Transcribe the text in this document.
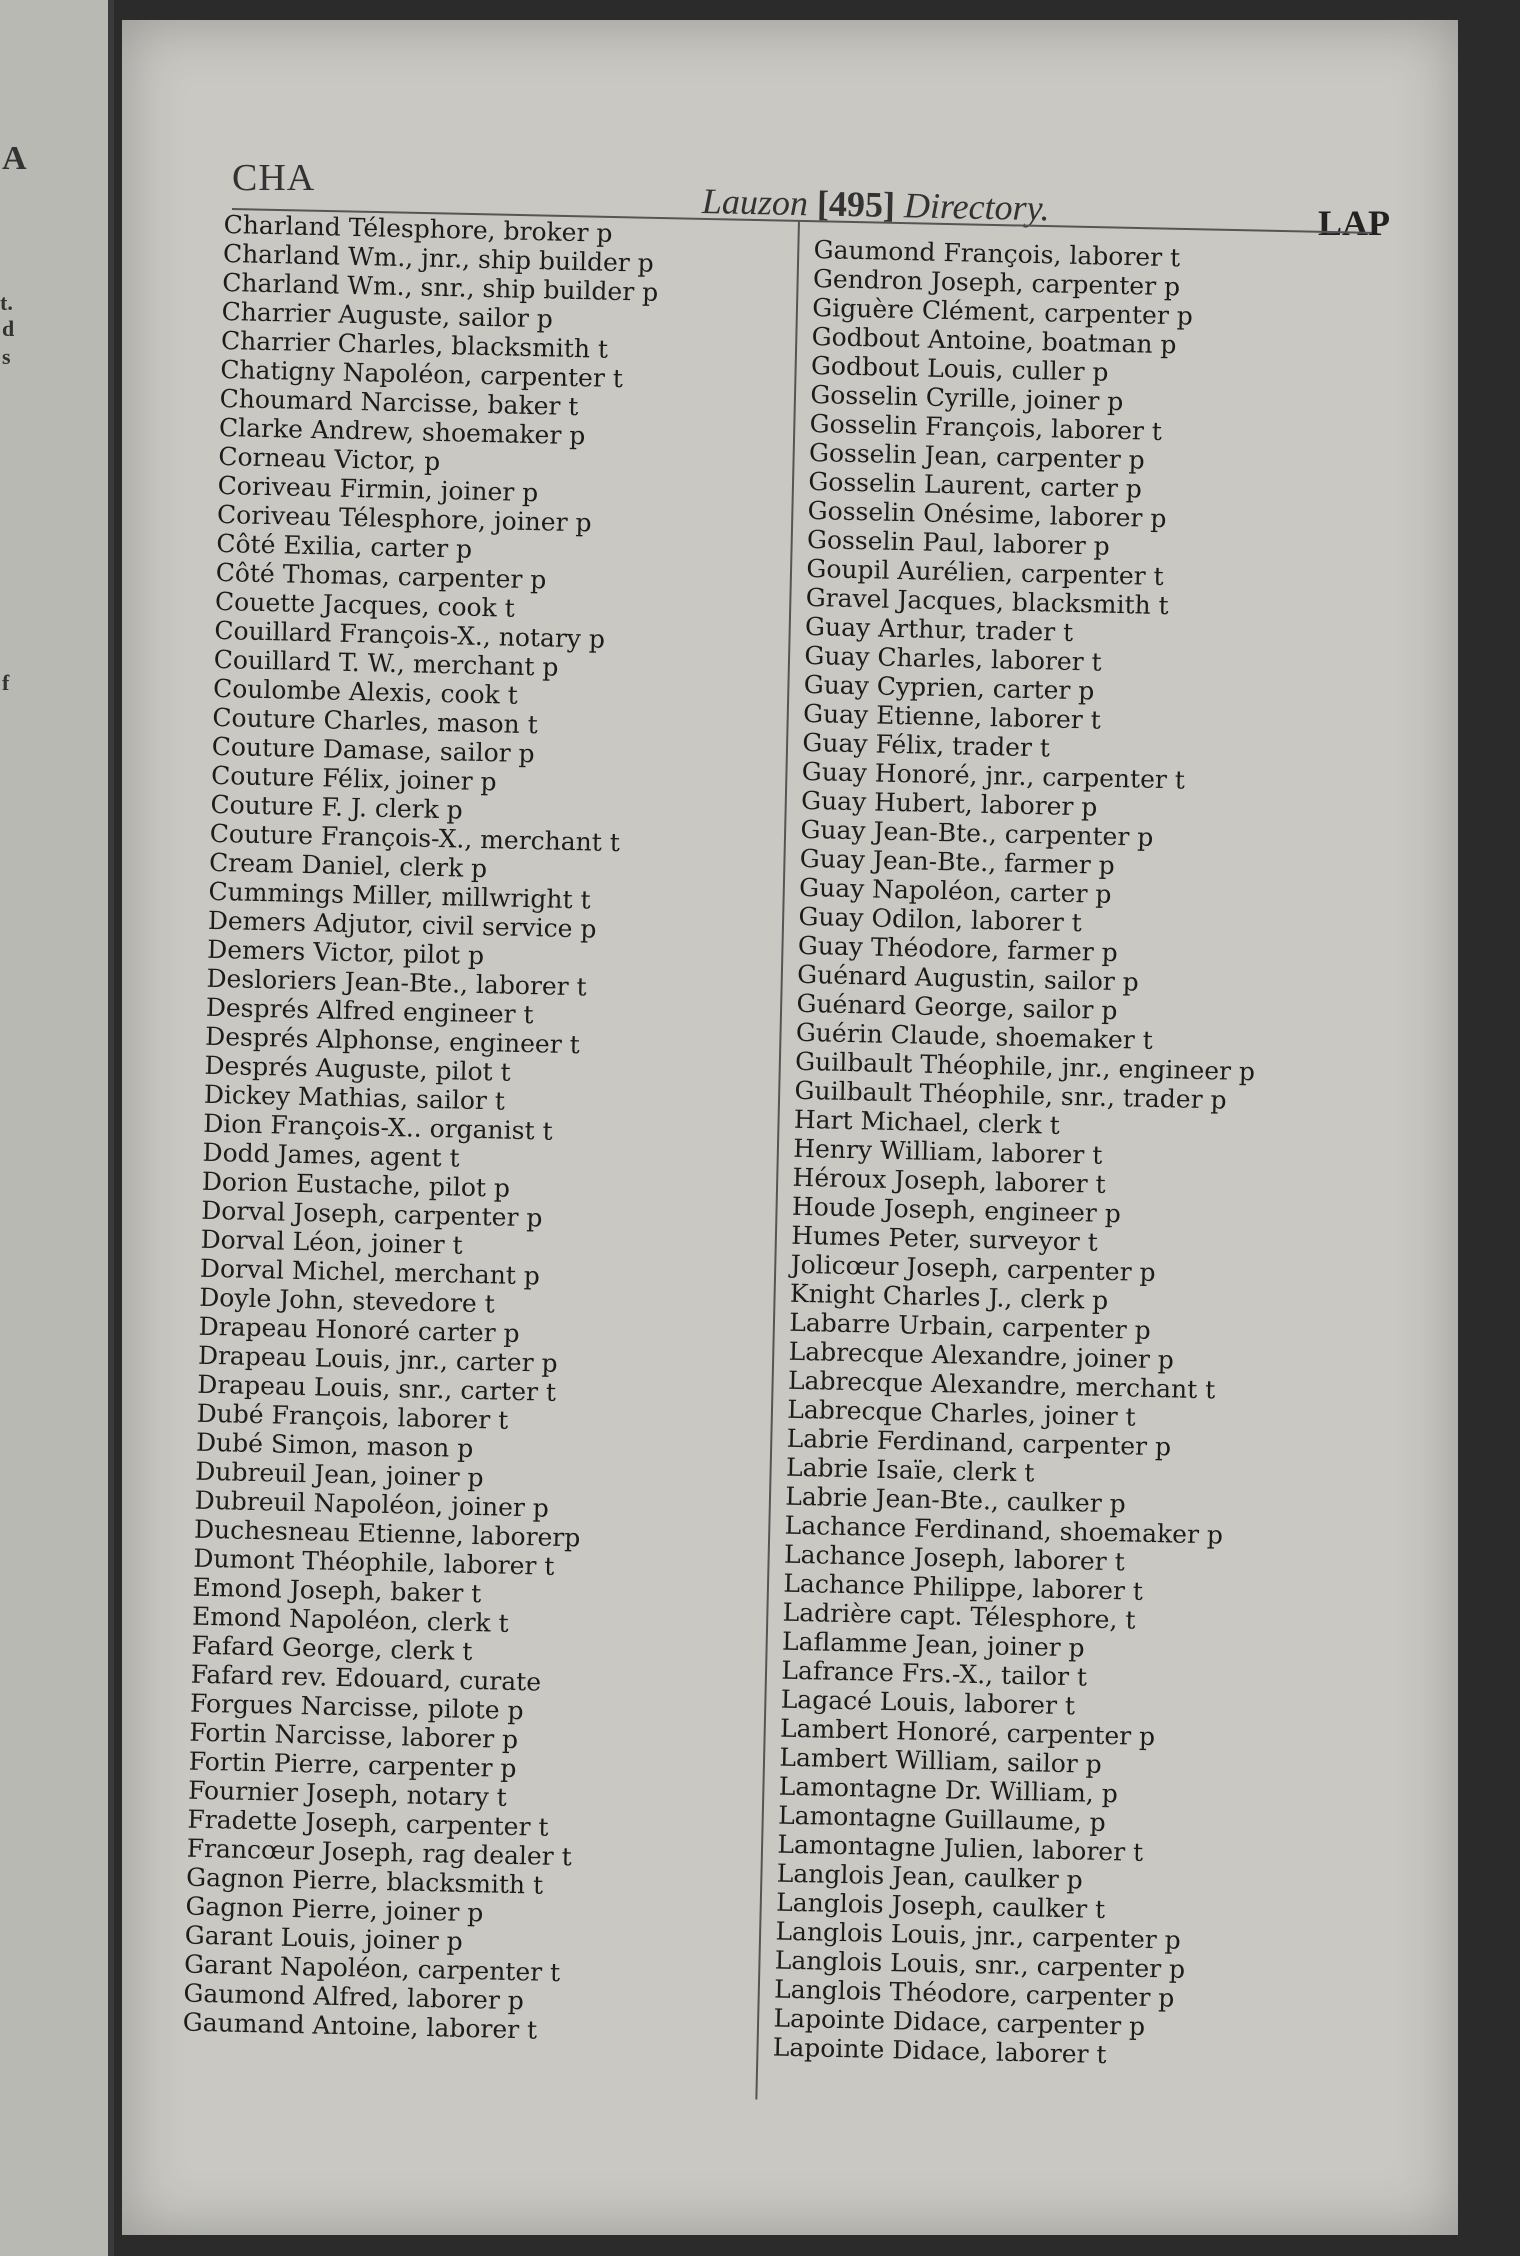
A
t.
d
s
f
CHA
Lauzon [495] Directory.	LAP
Charland Télesphore, broker p
Charland Wm., jnr., ship builder p
Charland Wm., snr., ship builder p
Charrier Auguste, sailor p
Charrier Charles, blacksmith t
Chatigny Napoléon, carpenter t
Choumard Narcisse, baker t
Clarke Andrew, shoemaker p
Corneau Victor, p
Coriveau Firmin, joiner p
Coriveau Télesphore, joiner p
Côté Exilia, carter p
Côté Thomas, carpenter p
Couette Jacques, cook t
Couillard François-X., notary p
Couillard T. W., merchant p
Coulombe Alexis, cook t
Couture Charles, mason t
Couture Damase, sailor p
Couture Félix, joiner p
Couture F. J. clerk p
Couture François-X., merchant t
Cream Daniel, clerk p
Cummings Miller, millwright t
Demers Adjutor, civil service p
Demers Victor, pilot p
Desloriers Jean-Bte., laborer t
Després Alfred engineer t
Després Alphonse, engineer t
Després Auguste, pilot t
Dickey Mathias, sailor t
Dion François-X.. organist t
Dodd James, agent t
Dorion Eustache, pilot p
Dorval Joseph, carpenter p
Dorval Léon, joiner t
Dorval Michel, merchant p
Doyle John, stevedore t
Drapeau Honoré carter p
Drapeau Louis, jnr., carter p
Drapeau Louis, snr., carter t
Dubé François, laborer t
Dubé Simon, mason p
Dubreuil Jean, joiner p
Dubreuil Napoléon, joiner p
Duchesneau Etienne, laborerp
Dumont Théophile, laborer t
Emond Joseph, baker t
Emond Napoléon, clerk t
Fafard George, clerk t
Fafard rev. Edouard, curate
Forgues Narcisse, pilote p
Fortin Narcisse, laborer p
Fortin Pierre, carpenter p
Fournier Joseph, notary t
Fradette Joseph, carpenter t
Francœur Joseph, rag dealer t
Gagnon Pierre, blacksmith t
Gagnon Pierre, joiner p
Garant Louis, joiner p
Garant Napoléon, carpenter t
Gaumond Alfred, laborer p
Gaumand Antoine, laborer t
Gaumond François, laborer t
Gendron Joseph, carpenter p
Giguère Clément, carpenter p
Godbout Antoine, boatman p
Godbout Louis, culler p
Gosselin Cyrille, joiner p
Gosselin François, laborer t
Gosselin Jean, carpenter p
Gosselin Laurent, carter p
Gosselin Onésime, laborer p
Gosselin Paul, laborer p
Goupil Aurélien, carpenter t
Gravel Jacques, blacksmith t
Guay Arthur, trader t
Guay Charles, laborer t
Guay Cyprien, carter p
Guay Etienne, laborer t
Guay Félix, trader t
Guay Honoré, jnr., carpenter t
Guay Hubert, laborer p
Guay Jean-Bte., carpenter p
Guay Jean-Bte., farmer p
Guay Napoléon, carter p
Guay Odilon, laborer t
Guay Théodore, farmer p
Guénard Augustin, sailor p
Guénard George, sailor p
Guérin Claude, shoemaker t
Guilbault Théophile, jnr., engineer p
Guilbault Théophile, snr., trader p
Hart Michael, clerk t
Henry William, laborer t
Héroux Joseph, laborer t
Houde Joseph, engineer p
Humes Peter, surveyor t
Jolicœur Joseph, carpenter p
Knight Charles J., clerk p
Labarre Urbain, carpenter p
Labrecque Alexandre, joiner p
Labrecque Alexandre, merchant t
Labrecque Charles, joiner t
Labrie Ferdinand, carpenter p
Labrie Isaïe, clerk t
Labrie Jean-Bte., caulker p
Lachance Ferdinand, shoemaker p
Lachance Joseph, laborer t
Lachance Philippe, laborer t
Ladrière capt. Télesphore, t
Laflamme Jean, joiner p
Lafrance Frs.-X., tailor t
Lagacé Louis, laborer t
Lambert Honoré, carpenter p
Lambert William, sailor p
Lamontagne Dr. William, p
Lamontagne Guillaume, p
Lamontagne Julien, laborer t
Langlois Jean, caulker p
Langlois Joseph, caulker t
Langlois Louis, jnr., carpenter p
Langlois Louis, snr., carpenter p
Langlois Théodore, carpenter p
Lapointe Didace, carpenter p
Lapointe Didace, laborer t
